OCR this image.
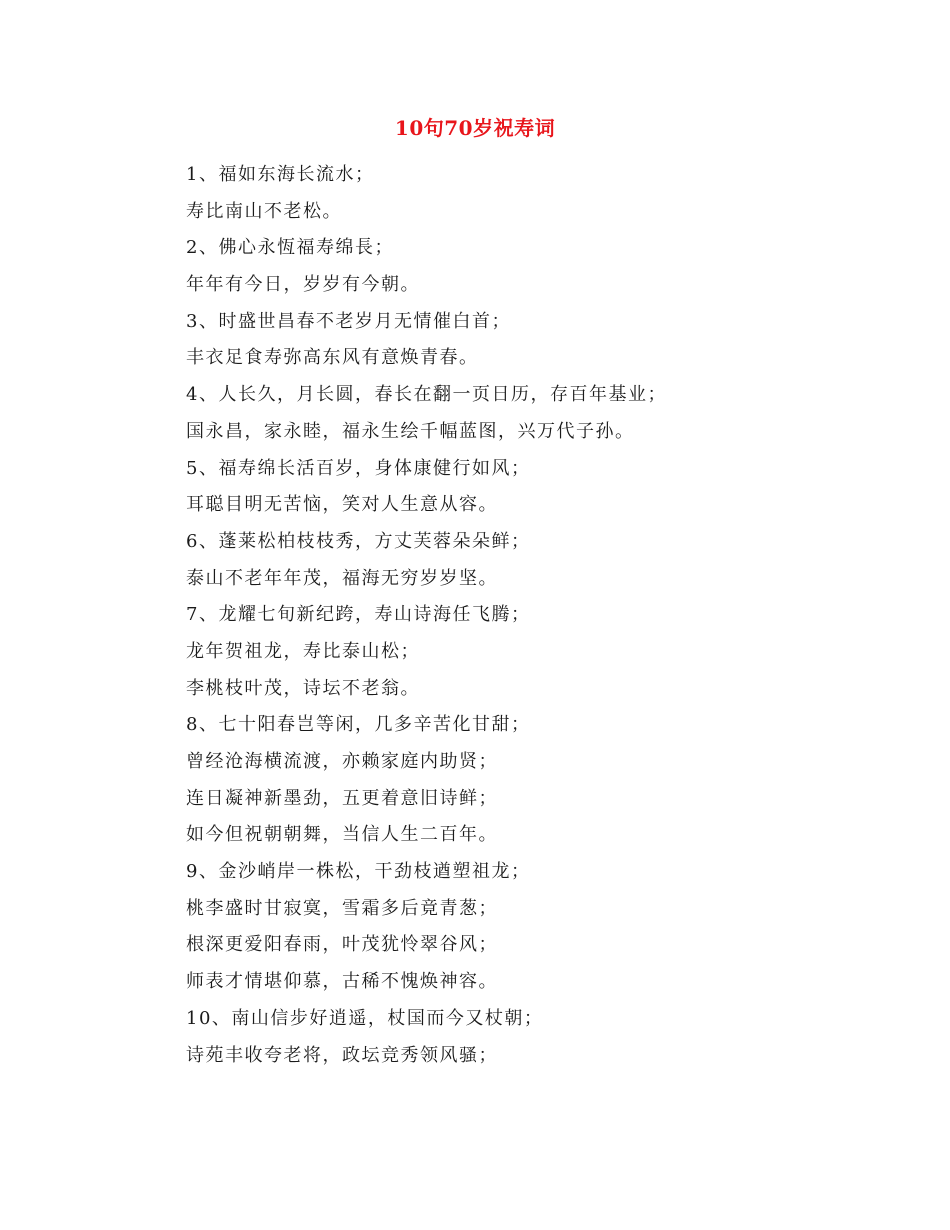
10句70岁祝寿词
1、福如东海长流水；
寿比南山不老松。
2、佛心永恆福寿绵長；
年年有今日，岁岁有今朝。
3、时盛世昌春不老岁月无情催白首；
丰衣足食寿弥高东风有意焕青春。
4、人长久，月长圆，春长在翻一页日历，存百年基业；
国永昌，家永睦，福永生绘千幅蓝图，兴万代子孙。
5、福寿绵长活百岁，身体康健行如风；
耳聪目明无苦恼，笑对人生意从容。
6、蓬莱松柏枝枝秀，方丈芙蓉朵朵鲜；
泰山不老年年茂，福海无穷岁岁坚。
7、龙耀七旬新纪跨，寿山诗海任飞腾；
龙年贺祖龙，寿比泰山松；
李桃枝叶茂，诗坛不老翁。
8、七十阳春岂等闲，几多辛苦化甘甜；
曾经沧海横流渡，亦赖家庭内助贤；
连日凝神新墨劲，五更着意旧诗鲜；
如今但祝朝朝舞，当信人生二百年。
9、金沙峭岸一株松，干劲枝遒塑祖龙；
桃李盛时甘寂寞，雪霜多后竟青葱；
根深更爱阳春雨，叶茂犹怜翠谷风；
师表才情堪仰慕，古稀不愧焕神容。
10、南山信步好逍遥，杖国而今又杖朝；
诗苑丰收夸老将，政坛竞秀领风骚；
